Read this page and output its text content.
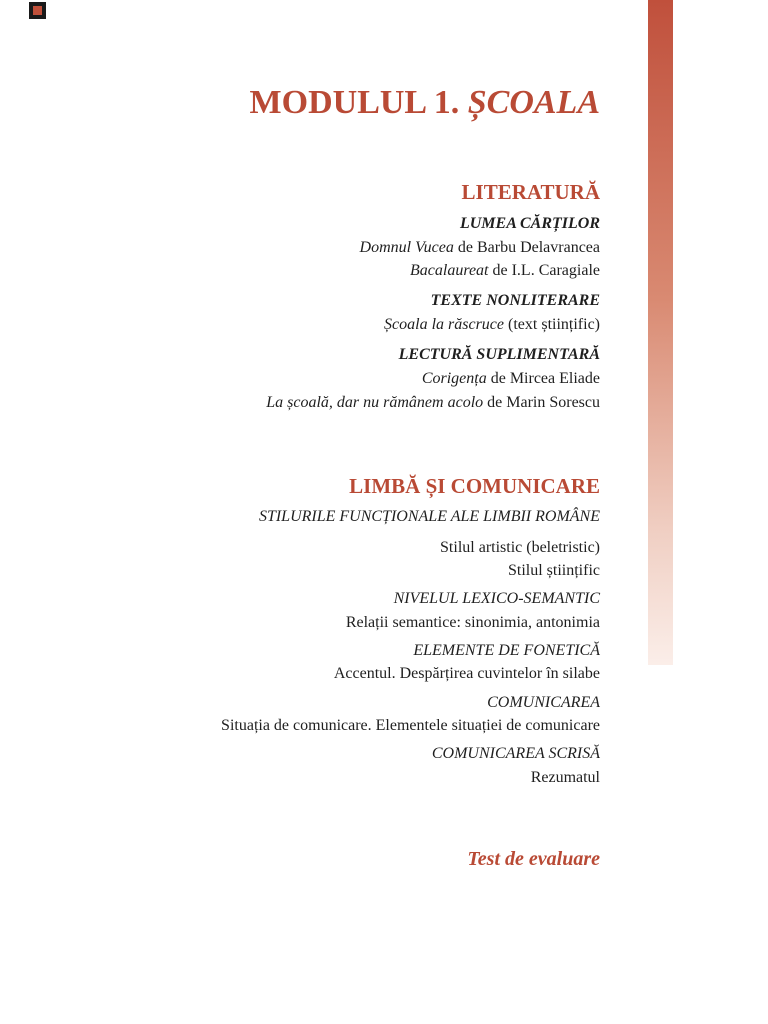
MODULUL 1. ȘCOALA
LITERATURĂ
LUMEA CĂRȚILOR
Domnul Vucea de Barbu Delavrancea
Bacalaureat de I.L. Caragiale
TEXTE NONLITERARE
Școala la răscruce (text științific)
LECTURĂ SUPLIMENTARĂ
Corigența de Mircea Eliade
La școală, dar nu rămânem acolo de Marin Sorescu
LIMBĂ ȘI COMUNICARE
STILURILE FUNCȚIONALE ALE LIMBII ROMÂNE
Stilul artistic (beletristic)
Stilul științific
NIVELUL LEXICO-SEMANTIC
Relații semantice: sinonimia, antonimia
ELEMENTE DE FONETICĂ
Accentul. Despărțirea cuvintelor în silabe
COMUNICAREA
Situația de comunicare. Elementele situației de comunicare
COMUNICAREA SCRISĂ
Rezumatul
Test de evaluare
